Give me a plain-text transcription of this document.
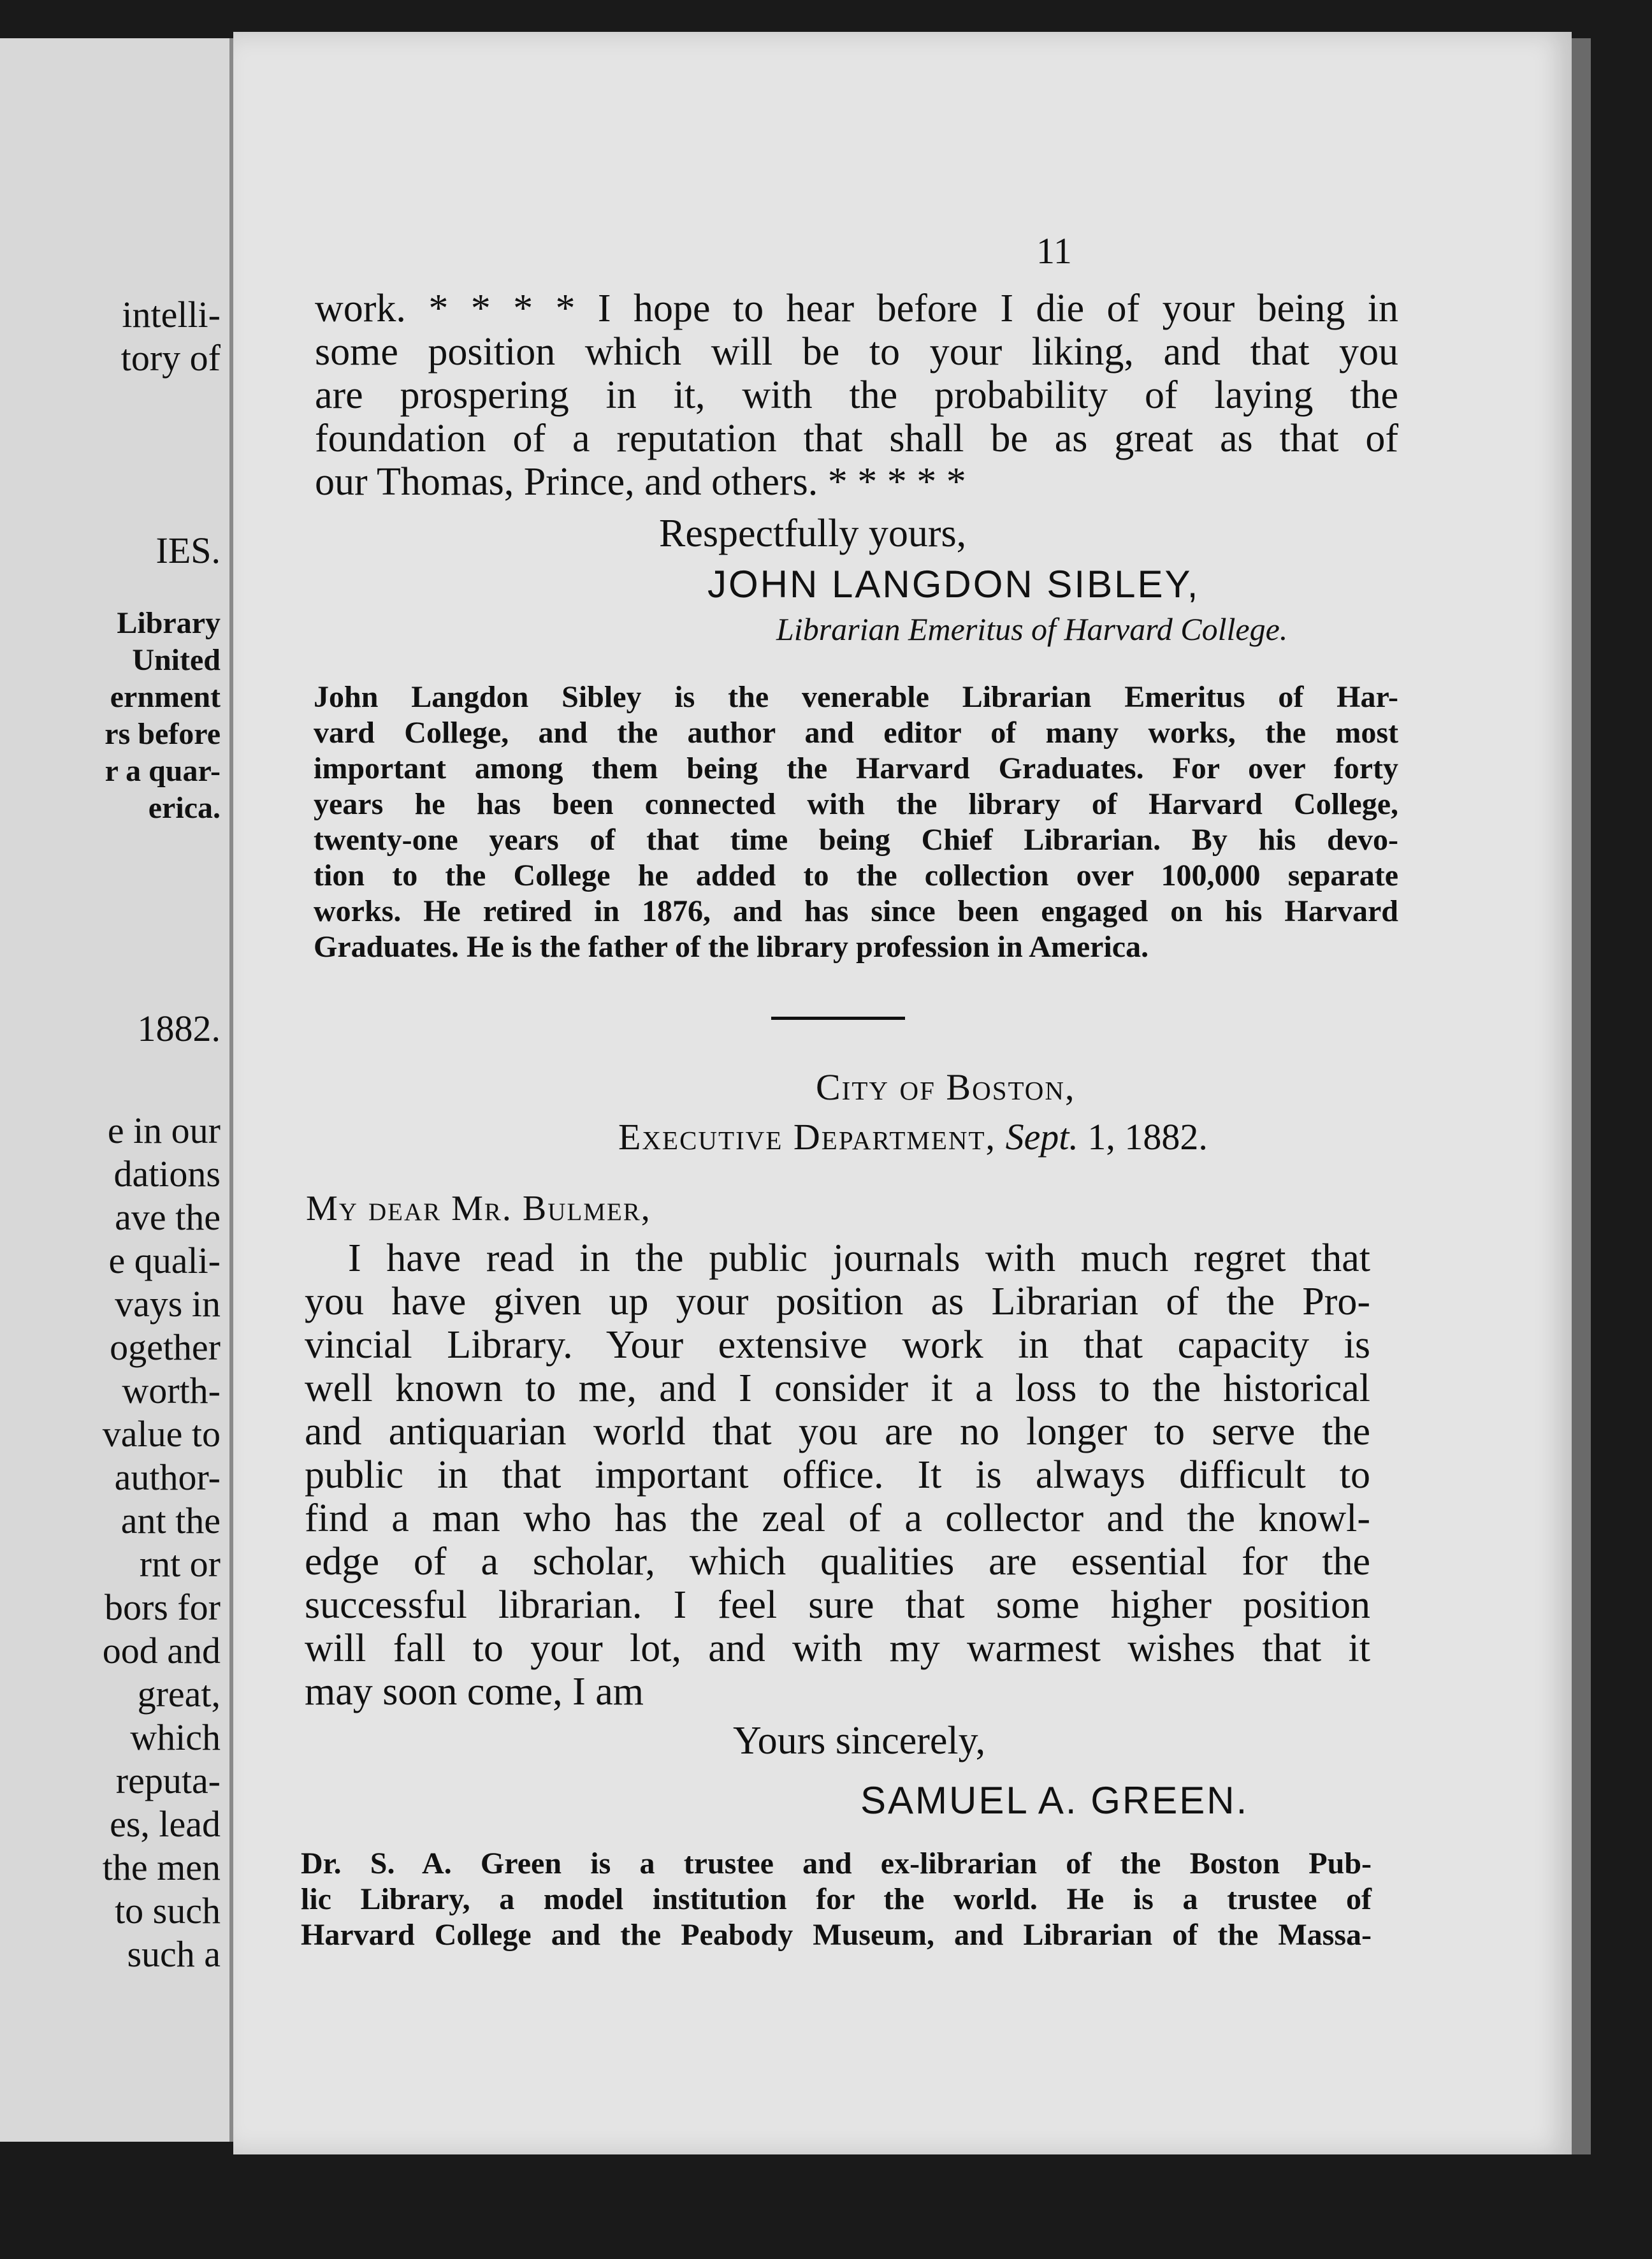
intelli-
tory of
IES.
Library
United
ernment
rs before
r a quar-
erica.
1882.
e in our
dations
ave the
e quali-
vays in
ogether
worth-
value to
author-
ant the
rnt or
bors for
ood and
great,
which
reputa-
es, lead
the men
to such
such a
11
work. * * * * I hope to hear before I die of your being in
some position which will be to your liking, and that you
are prospering in it, with the probability of laying the
foundation of a reputation that shall be as great as that of
our Thomas, Prince, and others. * * * * *
Respectfully yours,
JOHN LANGDON SIBLEY,
Librarian Emeritus of Harvard College.
John Langdon Sibley is the venerable Librarian Emeritus of Har-
vard College, and the author and editor of many works, the most
important among them being the Harvard Graduates. For over forty
years he has been connected with the library of Harvard College,
twenty-one years of that time being Chief Librarian. By his devo-
tion to the College he added to the collection over 100,000 separate
works. He retired in 1876, and has since been engaged on his Harvard
Graduates. He is the father of the library profession in America.
City of Boston,
Executive Department, Sept. 1, 1882.
My dear Mr. Bulmer,
I have read in the public journals with much regret that
you have given up your position as Librarian of the Pro-
vincial Library. Your extensive work in that capacity is
well known to me, and I consider it a loss to the historical
and antiquarian world that you are no longer to serve the
public in that important office. It is always difficult to
find a man who has the zeal of a collector and the knowl-
edge of a scholar, which qualities are essential for the
successful librarian. I feel sure that some higher position
will fall to your lot, and with my warmest wishes that it
may soon come, I am
Yours sincerely,
SAMUEL A. GREEN.
Dr. S. A. Green is a trustee and ex-librarian of the Boston Pub-
lic Library, a model institution for the world. He is a trustee of
Harvard College and the Peabody Museum, and Librarian of the Massa-
